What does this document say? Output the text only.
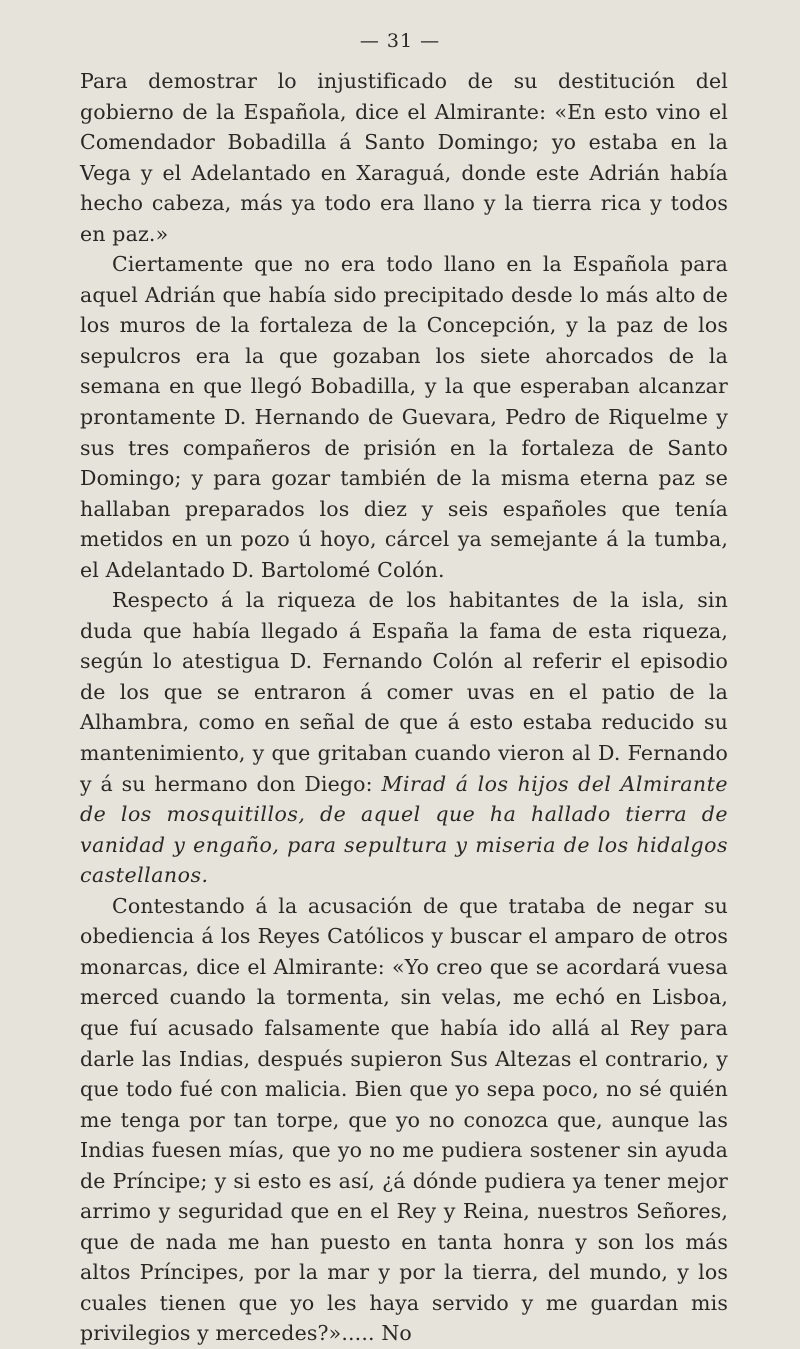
— 31 —

Para demostrar lo injustificado de su destitución del gobierno de la Española, dice el Almirante: «En esto vino el Comendador Bobadilla á Santo Domingo; yo estaba en la Vega y el Adelantado en Xaraguá, donde este Adrián había hecho cabeza, más ya todo era llano y la tierra rica y todos en paz.»

Ciertamente que no era todo llano en la Española para aquel Adrián que había sido precipitado desde lo más alto de los muros de la fortaleza de la Concepción, y la paz de los sepulcros era la que gozaban los siete ahorcados de la semana en que llegó Bobadilla, y la que esperaban alcanzar prontamente D. Hernando de Guevara, Pedro de Riquelme y sus tres compañeros de prisión en la fortaleza de Santo Domingo; y para gozar también de la misma eterna paz se hallaban preparados los diez y seis españoles que tenía metidos en un pozo ú hoyo, cárcel ya semejante á la tumba, el Adelantado D. Bartolomé Colón.

Respecto á la riqueza de los habitantes de la isla, sin duda que había llegado á España la fama de esta riqueza, según lo atestigua D. Fernando Colón al referir el episodio de los que se entraron á comer uvas en el patio de la Alhambra, como en señal de que á esto estaba reducido su mantenimiento, y que gritaban cuando vieron al D. Fernando y á su hermano don Diego: Mirad á los hijos del Almirante de los mosquitillos, de aquel que ha hallado tierra de vanidad y engaño, para sepultura y miseria de los hidalgos castellanos.

Contestando á la acusación de que trataba de negar su obediencia á los Reyes Católicos y buscar el amparo de otros monarcas, dice el Almirante: «Yo creo que se acordará vuesa merced cuando la tormenta, sin velas, me echó en Lisboa, que fuí acusado falsamente que había ido allá al Rey para darle las Indias, después supieron Sus Altezas el contrario, y que todo fué con malicia. Bien que yo sepa poco, no sé quién me tenga por tan torpe, que yo no conozca que, aunque las Indias fuesen mías, que yo no me pudiera sostener sin ayuda de Príncipe; y si esto es así, ¿á dónde pudiera ya tener mejor arrimo y seguridad que en el Rey y Reina, nuestros Señores, que de nada me han puesto en tanta honra y son los más altos Príncipes, por la mar y por la tierra, del mundo, y los cuales tienen que yo les haya servido y me guardan mis privilegios y mercedes?»..... No
